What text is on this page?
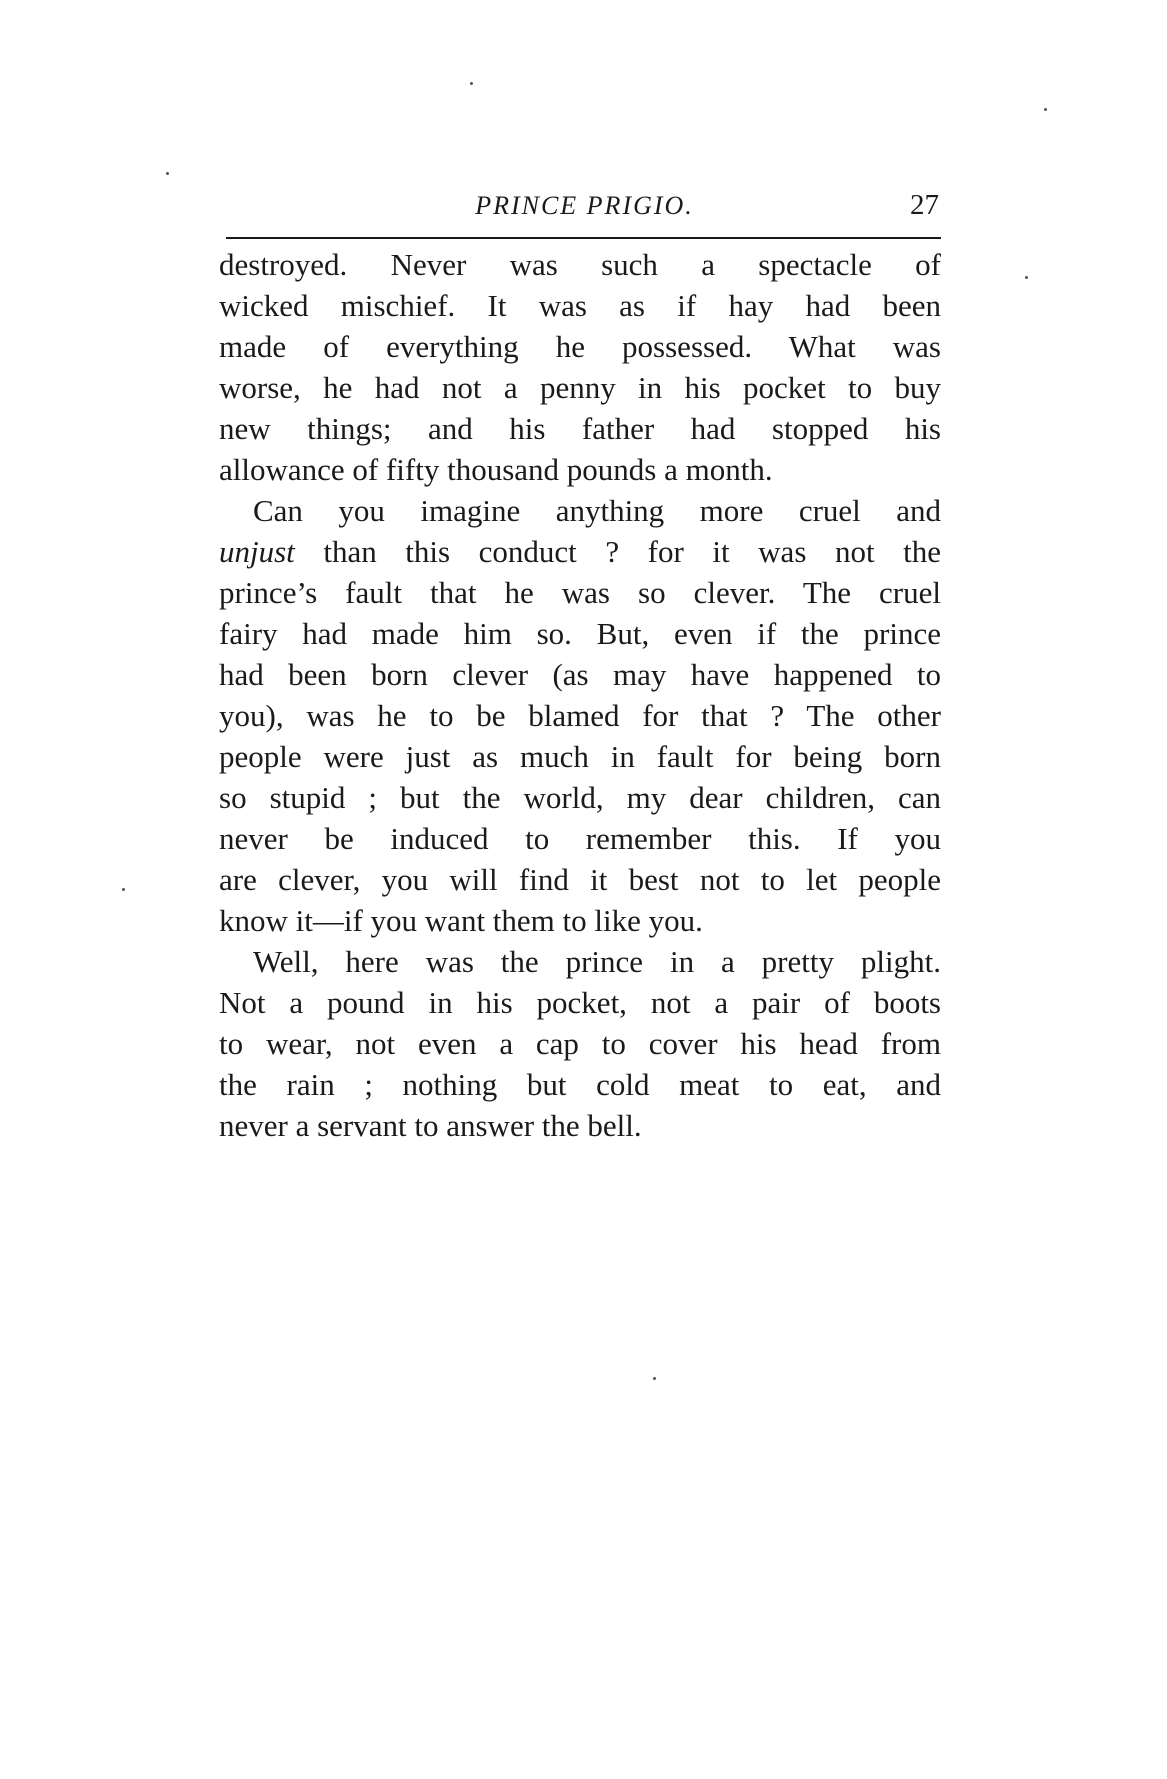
PRINCE PRIGIO.	27
destroyed. Never was such a spectacle of
wicked mischief. It was as if hay had been
made of everything he possessed. What was
worse, he had not a penny in his pocket to buy
new things; and his father had stopped his
allowance of fifty thousand pounds a month.
Can you imagine anything more cruel and
unjust than this conduct ? for it was not the
prince’s fault that he was so clever. The cruel
fairy had made him so. But, even if the prince
had been born clever (as may have happened to
you), was he to be blamed for that ? The other
people were just as much in fault for being born
so stupid ; but the world, my dear children, can
never be induced to remember this. If you
are clever, you will find it best not to let people
know it—if you want them to like you.
Well, here was the prince in a pretty plight.
Not a pound in his pocket, not a pair of boots
to wear, not even a cap to cover his head from
the rain ; nothing but cold meat to eat, and
never a servant to answer the bell.
